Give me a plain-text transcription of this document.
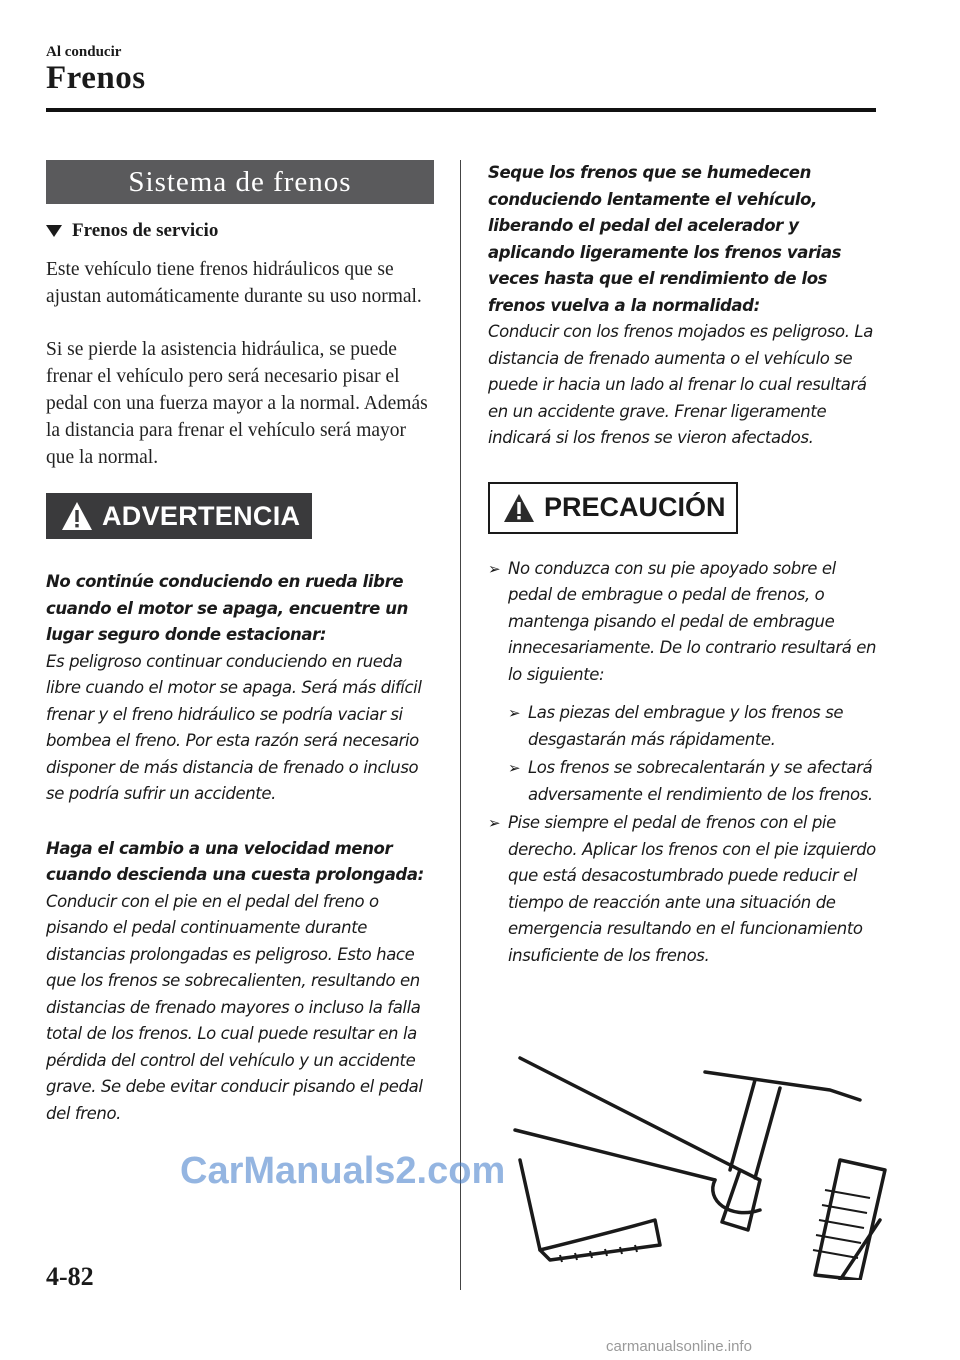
Al conducir
Frenos
Sistema de frenos
Frenos de servicio

Este vehículo tiene frenos hidráulicos que se ajustan automáticamente durante su uso normal.

Si se pierde la asistencia hidráulica, se puede frenar el vehículo pero será necesario pisar el pedal con una fuerza mayor a la normal. Además la distancia para frenar el vehículo será mayor que la normal.

ADVERTENCIA
No continúe conduciendo en rueda libre cuando el motor se apaga, encuentre un lugar seguro donde estacionar:
Es peligroso continuar conduciendo en rueda libre cuando el motor se apaga. Será más difícil frenar y el freno hidráulico se podría vaciar si bombea el freno. Por esta razón será necesario disponer de más distancia de frenado o incluso se podría sufrir un accidente.
Haga el cambio a una velocidad menor cuando descienda una cuesta prolongada:
Conducir con el pie en el pedal del freno o pisando el pedal continuamente durante distancias prolongadas es peligroso. Esto hace que los frenos se sobrecalienten, resultando en distancias de frenado mayores o incluso la falla total de los frenos. Lo cual puede resultar en la pérdida del control del vehículo y un accidente grave. Se debe evitar conducir pisando el pedal del freno.
Seque los frenos que se humedecen conduciendo lentamente el vehículo, liberando el pedal del acelerador y aplicando ligeramente los frenos varias veces hasta que el rendimiento de los frenos vuelva a la normalidad:
Conducir con los frenos mojados es peligroso. La distancia de frenado aumenta o el vehículo se puede ir hacia un lado al frenar lo cual resultará en un accidente grave. Frenar ligeramente indicará si los frenos se vieron afectados.
PRECAUCIÓN
➢ No conduzca con su pie apoyado sobre el pedal de embrague o pedal de frenos, o mantenga pisando el pedal de embrague innecesariamente. De lo contrario resultará en lo siguiente:
➢ Las piezas del embrague y los frenos se desgastarán más rápidamente.
➢ Los frenos se sobrecalentarán y se afectará adversamente el rendimiento de los frenos.
➢ Pise siempre el pedal de frenos con el pie derecho. Aplicar los frenos con el pie izquierdo que está desacostumbrado puede reducir el tiempo de reacción ante una situación de emergencia resultando en el funcionamiento insuficiente de los frenos.
4-82
CarManuals2.com
carmanualsonline.info
